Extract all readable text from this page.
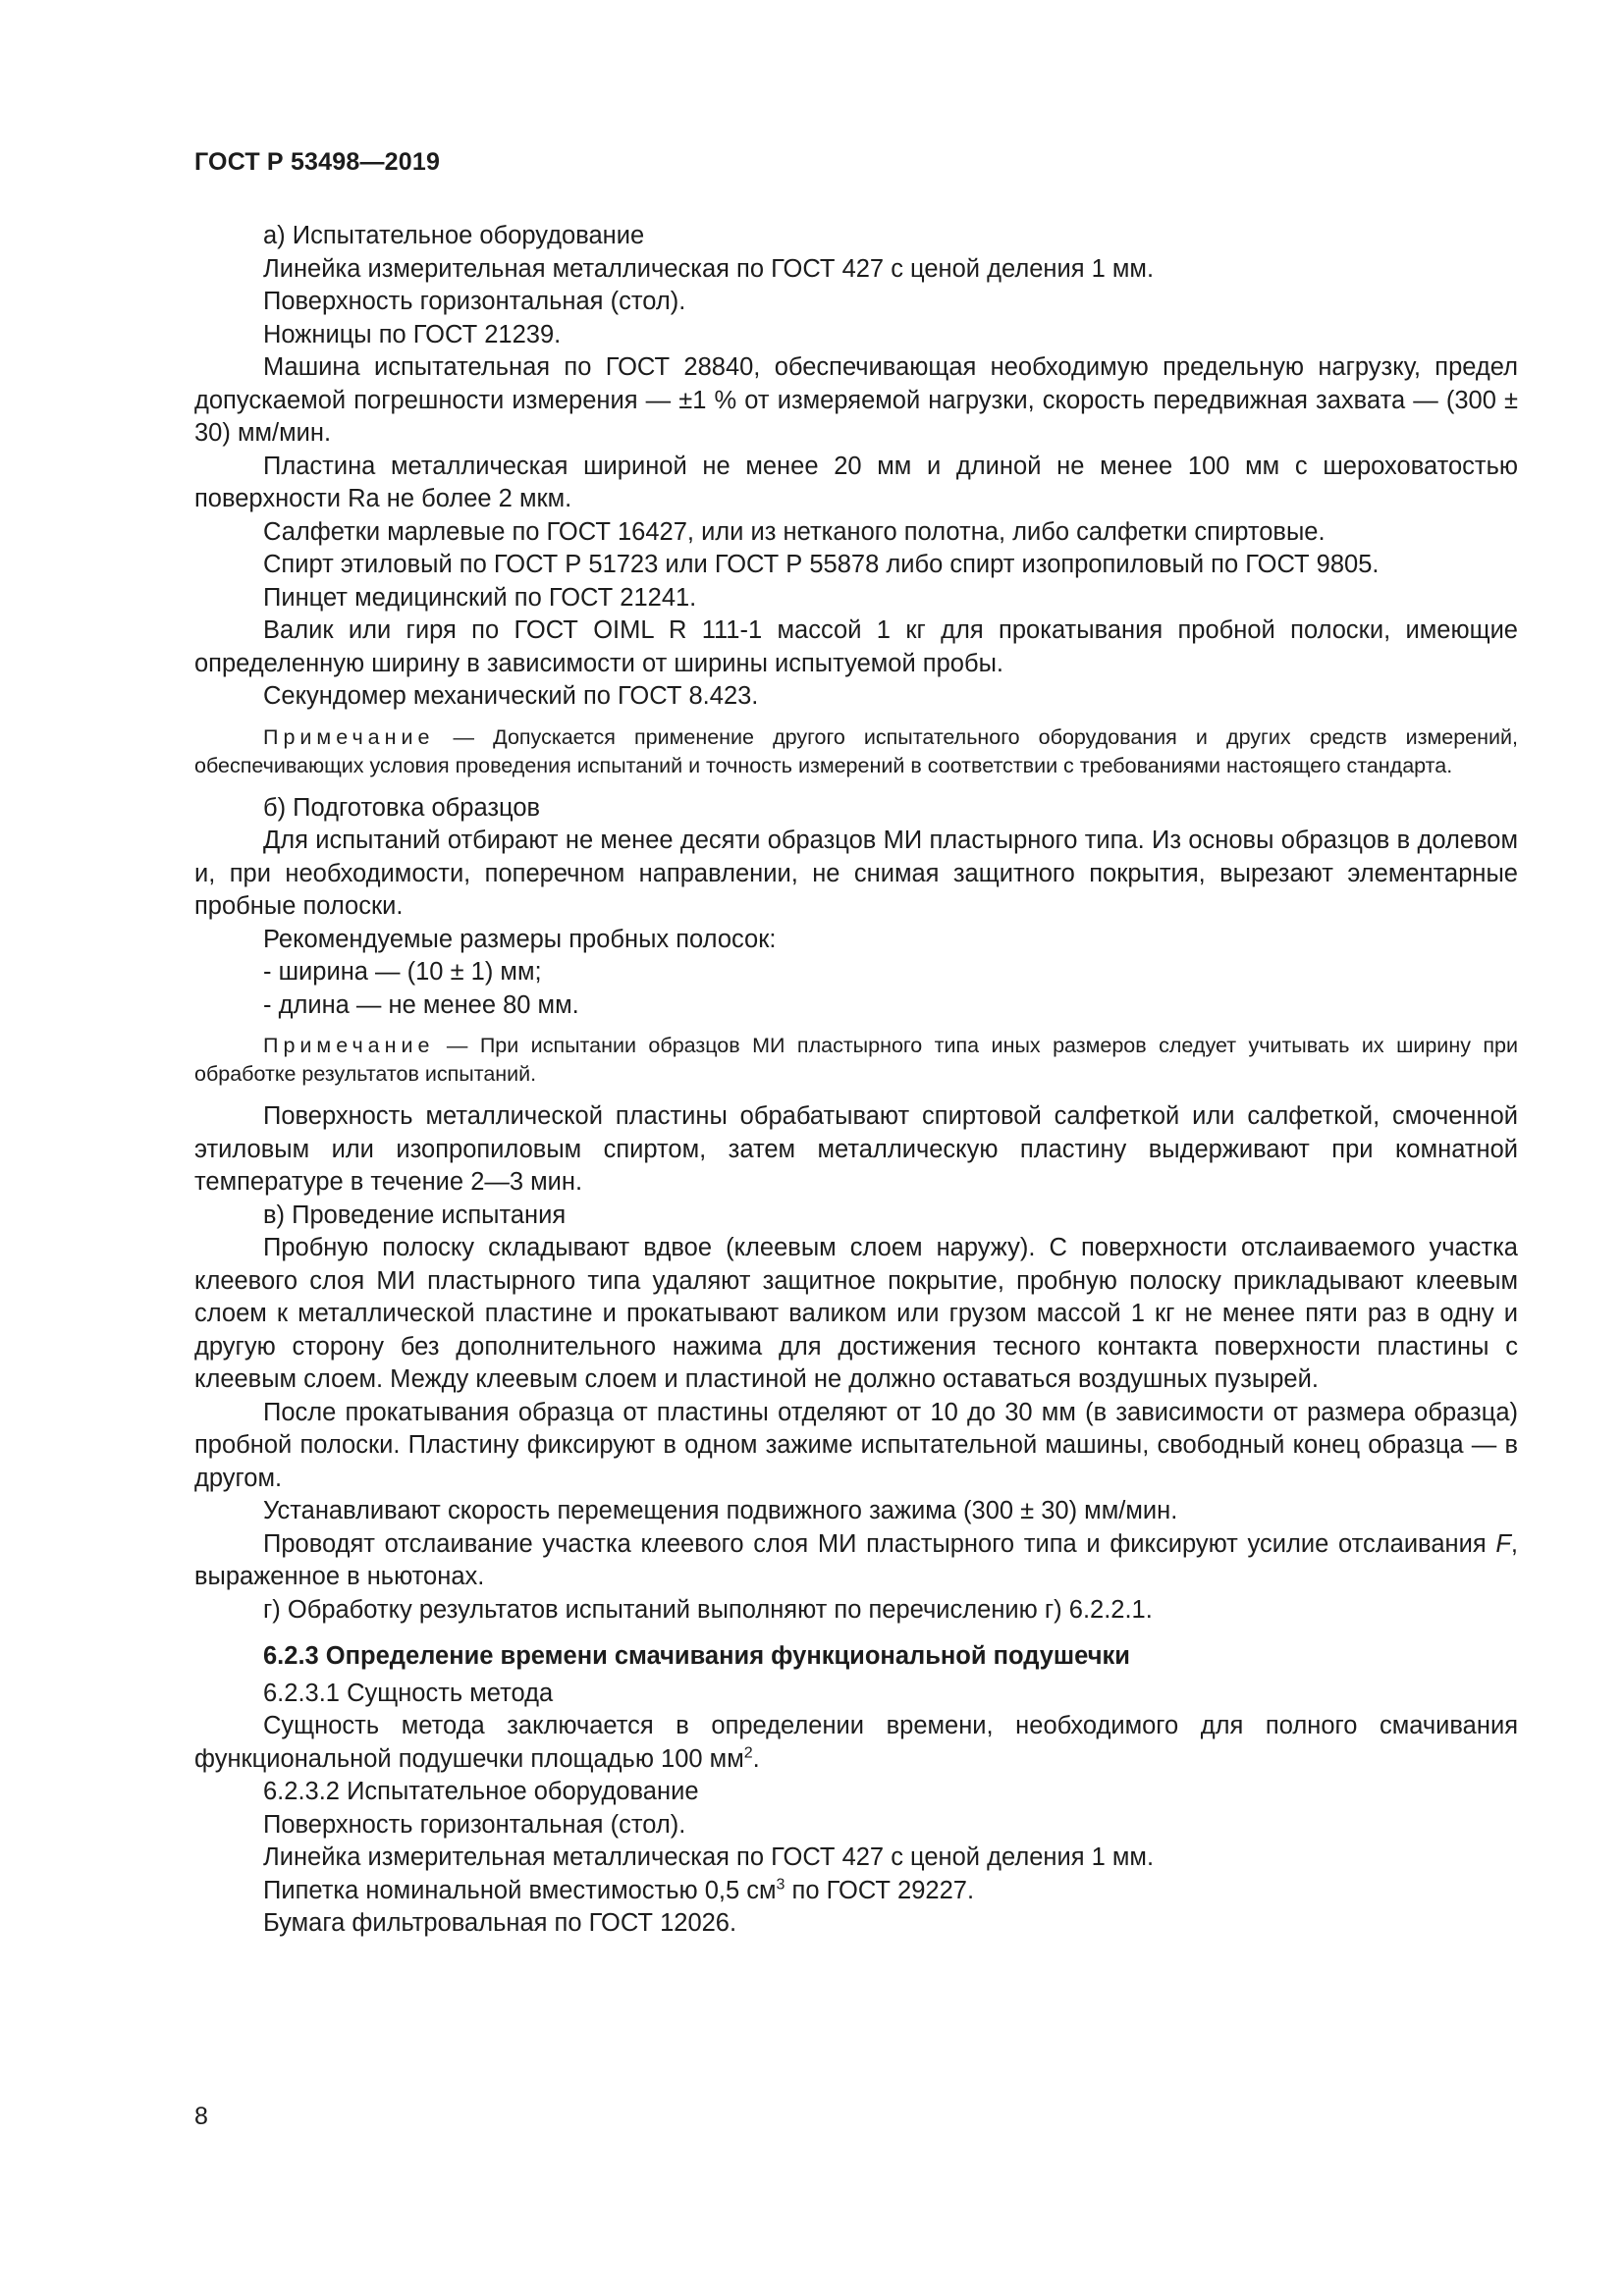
ГОСТ Р 53498—2019

а) Испытательное оборудование

Линейка измерительная металлическая по ГОСТ 427 с ценой деления 1 мм.

Поверхность горизонтальная (стол).

Ножницы по ГОСТ 21239.

Машина испытательная по ГОСТ 28840, обеспечивающая необходимую предельную нагрузку, предел допускаемой погрешности измерения — ±1 % от измеряемой нагрузки, скорость передвижная захвата — (300 ± 30) мм/мин.

Пластина металлическая шириной не менее 20 мм и длиной не менее 100 мм с шероховатостью поверхности Ra не более 2 мкм.

Салфетки марлевые по ГОСТ 16427, или из нетканого полотна, либо салфетки спиртовые.

Спирт этиловый по ГОСТ Р 51723 или ГОСТ Р 55878 либо спирт изопропиловый по ГОСТ 9805.

Пинцет медицинский по ГОСТ 21241.

Валик или гиря по ГОСТ OIML R 111-1 массой 1 кг для прокатывания пробной полоски, имеющие определенную ширину в зависимости от ширины испытуемой пробы.

Секундомер механический по ГОСТ 8.423.

Примечание — Допускается применение другого испытательного оборудования и других средств измерений, обеспечивающих условия проведения испытаний и точность измерений в соответствии с требованиями настоящего стандарта.

б) Подготовка образцов

Для испытаний отбирают не менее десяти образцов МИ пластырного типа. Из основы образцов в долевом и, при необходимости, поперечном направлении, не снимая защитного покрытия, вырезают элементарные пробные полоски.

Рекомендуемые размеры пробных полосок:

- ширина — (10 ± 1) мм;

- длина — не менее 80 мм.

Примечание — При испытании образцов МИ пластырного типа иных размеров следует учитывать их ширину при обработке результатов испытаний.

Поверхность металлической пластины обрабатывают спиртовой салфеткой или салфеткой, смоченной этиловым или изопропиловым спиртом, затем металлическую пластину выдерживают при комнатной температуре в течение 2—3 мин.

в) Проведение испытания

Пробную полоску складывают вдвое (клеевым слоем наружу). С поверхности отслаиваемого участка клеевого слоя МИ пластырного типа удаляют защитное покрытие, пробную полоску прикладывают клеевым слоем к металлической пластине и прокатывают валиком или грузом массой 1 кг не менее пяти раз в одну и другую сторону без дополнительного нажима для достижения тесного контакта поверхности пластины с клеевым слоем. Между клеевым слоем и пластиной не должно оставаться воздушных пузырей.

После прокатывания образца от пластины отделяют от 10 до 30 мм (в зависимости от размера образца) пробной полоски. Пластину фиксируют в одном зажиме испытательной машины, свободный конец образца — в другом.

Устанавливают скорость перемещения подвижного зажима (300 ± 30) мм/мин.

Проводят отслаивание участка клеевого слоя МИ пластырного типа и фиксируют усилие отслаивания F, выраженное в ньютонах.

г) Обработку результатов испытаний выполняют по перечислению г) 6.2.2.1.

6.2.3 Определение времени смачивания функциональной подушечки

6.2.3.1 Сущность метода

Сущность метода заключается в определении времени, необходимого для полного смачивания функциональной подушечки площадью 100 $мм^2$.

6.2.3.2 Испытательное оборудование

Поверхность горизонтальная (стол).

Линейка измерительная металлическая по ГОСТ 427 с ценой деления 1 мм.

Пипетка номинальной вместимостью 0,5 $см^3$ по ГОСТ 29227.

Бумага фильтровальная по ГОСТ 12026.

8
